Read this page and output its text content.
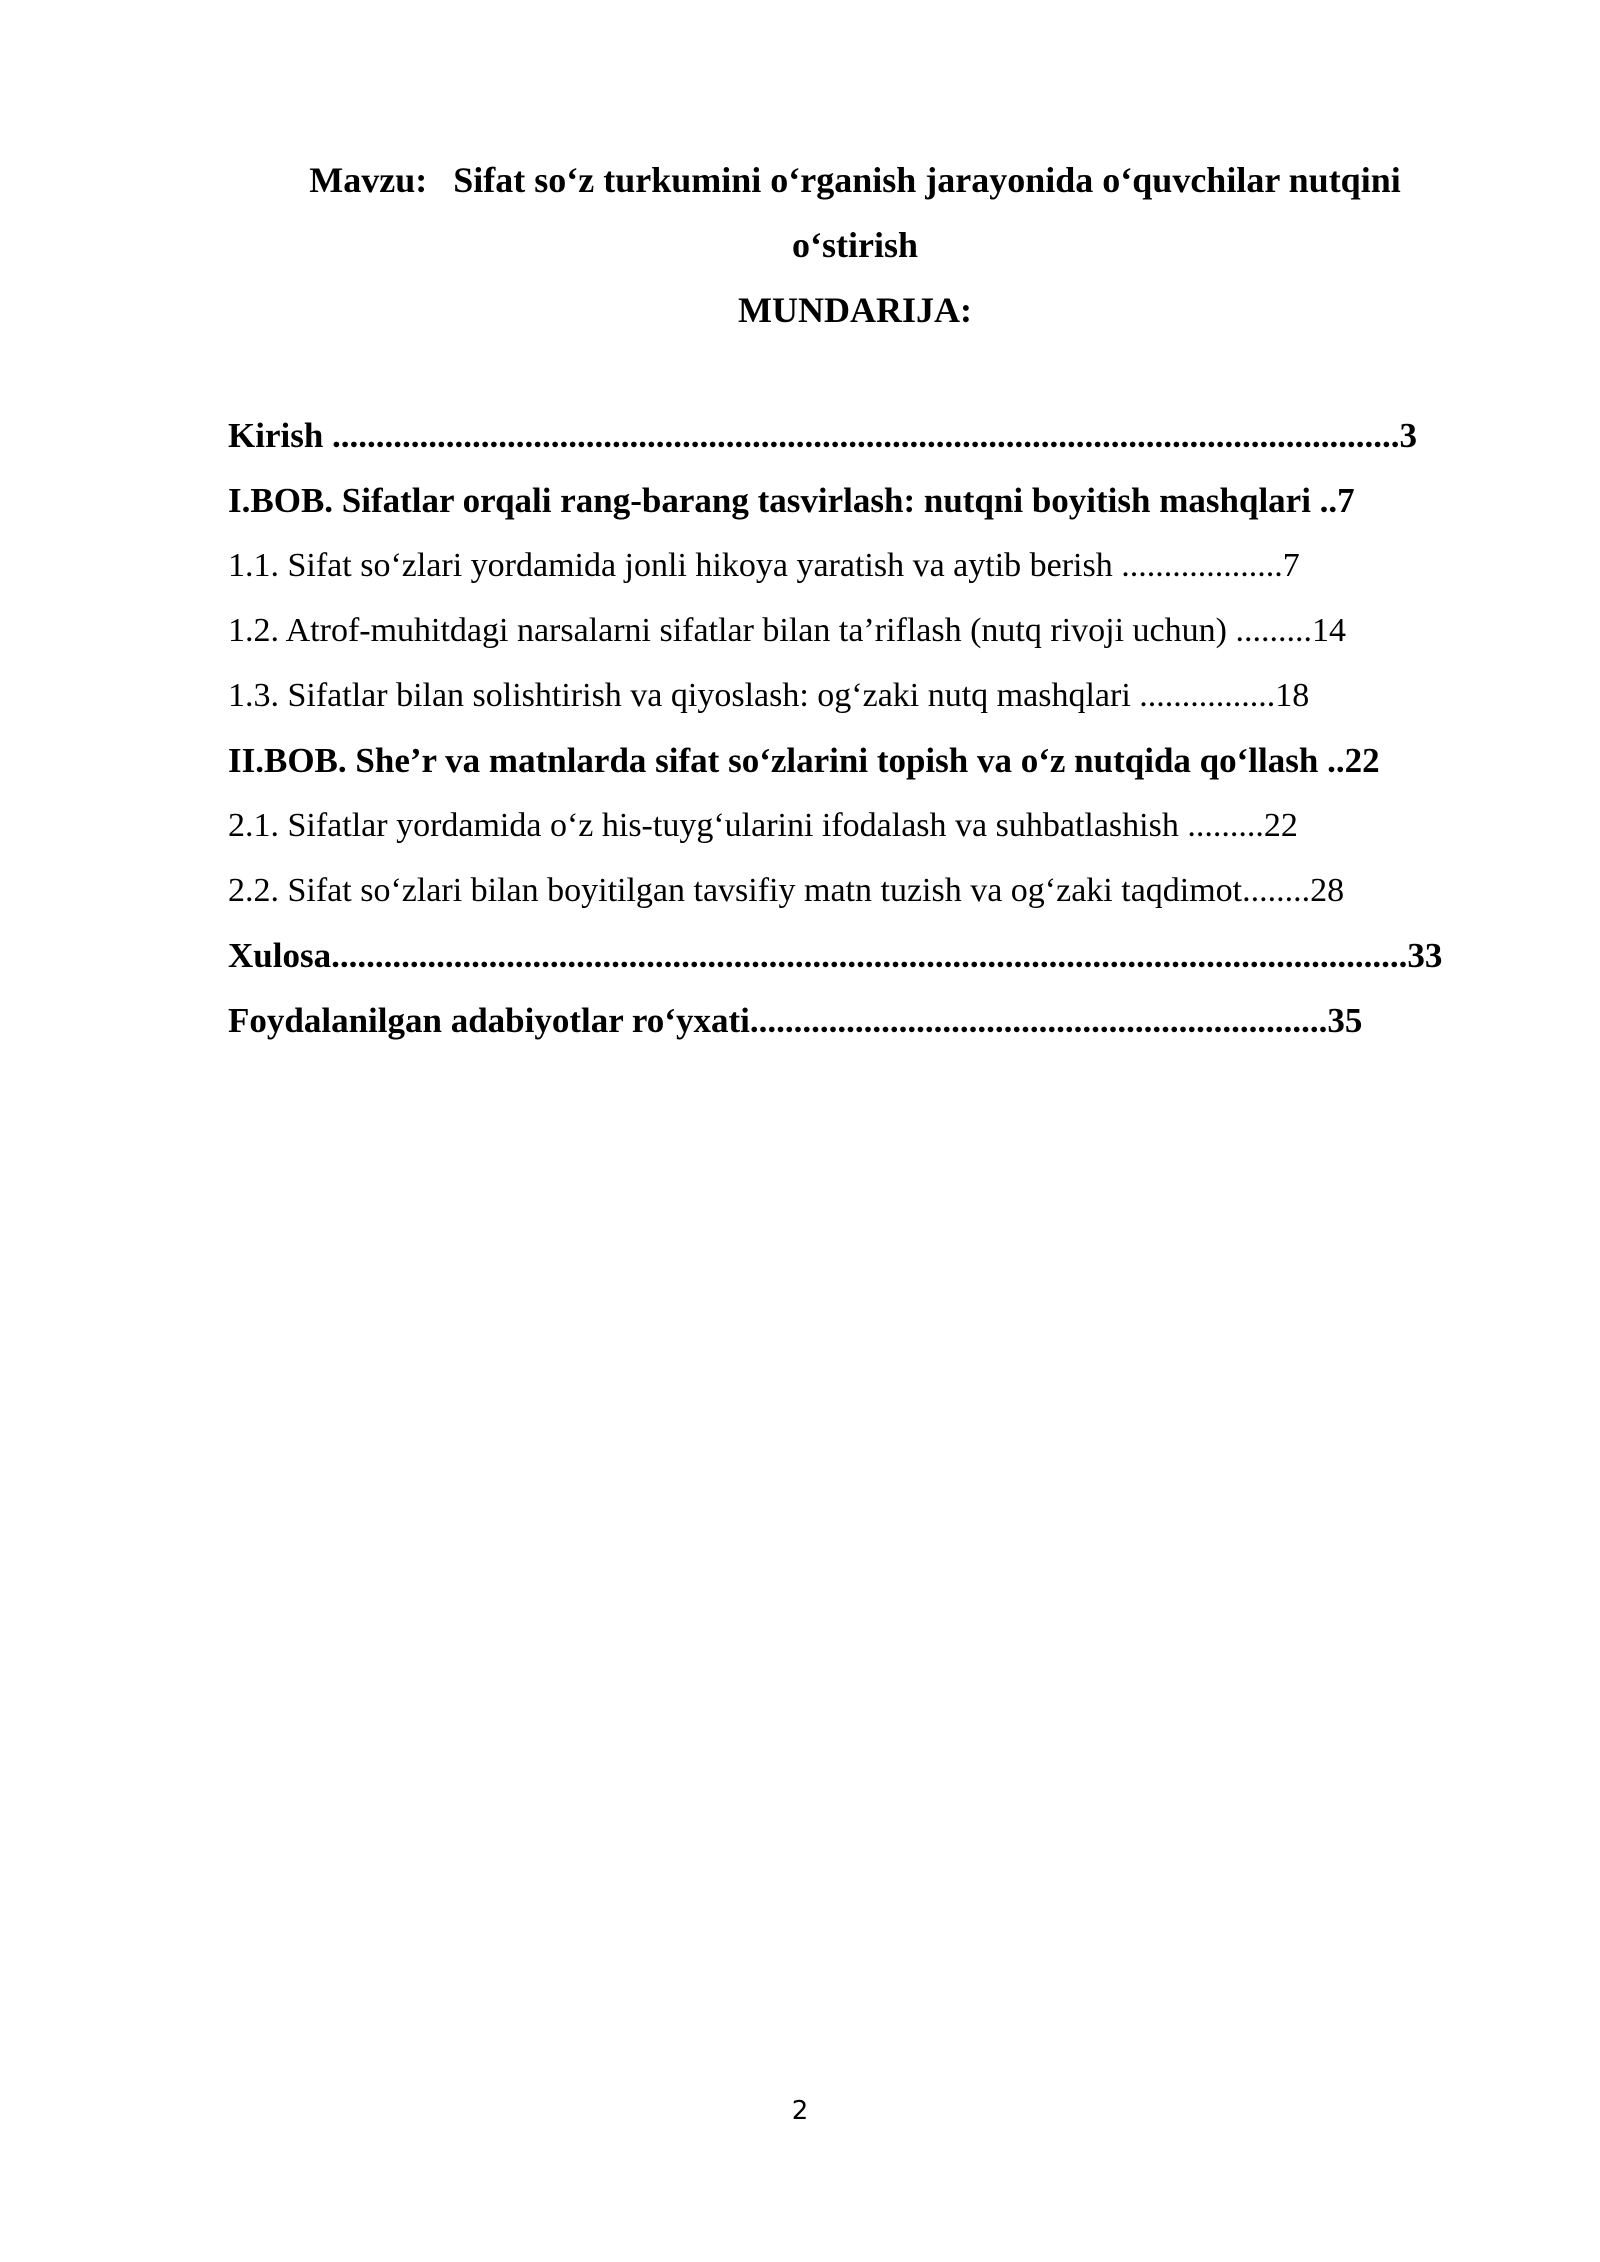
Mavzu: Sifat so‘z turkumini o‘rganish jarayonida o‘quvchilar nutqini
o‘stirish
MUNDARIJA:
Kirish ..........................................................................................................................3
I.BOB. Sifatlar orqali rang-barang tasvirlash: nutqni boyitish mashqlari ..7
1.1. Sifat so‘zlari yordamida jonli hikoya yaratish va aytib berish ...................7
1.2. Atrof-muhitdagi narsalarni sifatlar bilan ta’riflash (nutq rivoji uchun) .........14
1.3. Sifatlar bilan solishtirish va qiyoslash: og‘zaki nutq mashqlari ................18
II.BOB. She’r va matnlarda sifat so‘zlarini topish va o‘z nutqida qo‘llash ..22
2.1. Sifatlar yordamida o‘z his-tuyg‘ularini ifodalash va suhbatlashish .........22
2.2. Sifat so‘zlari bilan boyitilgan tavsifiy matn tuzish va og‘zaki taqdimot........28
Xulosa...........................................................................................................................33
Foydalanilgan adabiyotlar ro‘yxati..................................................................35
2
